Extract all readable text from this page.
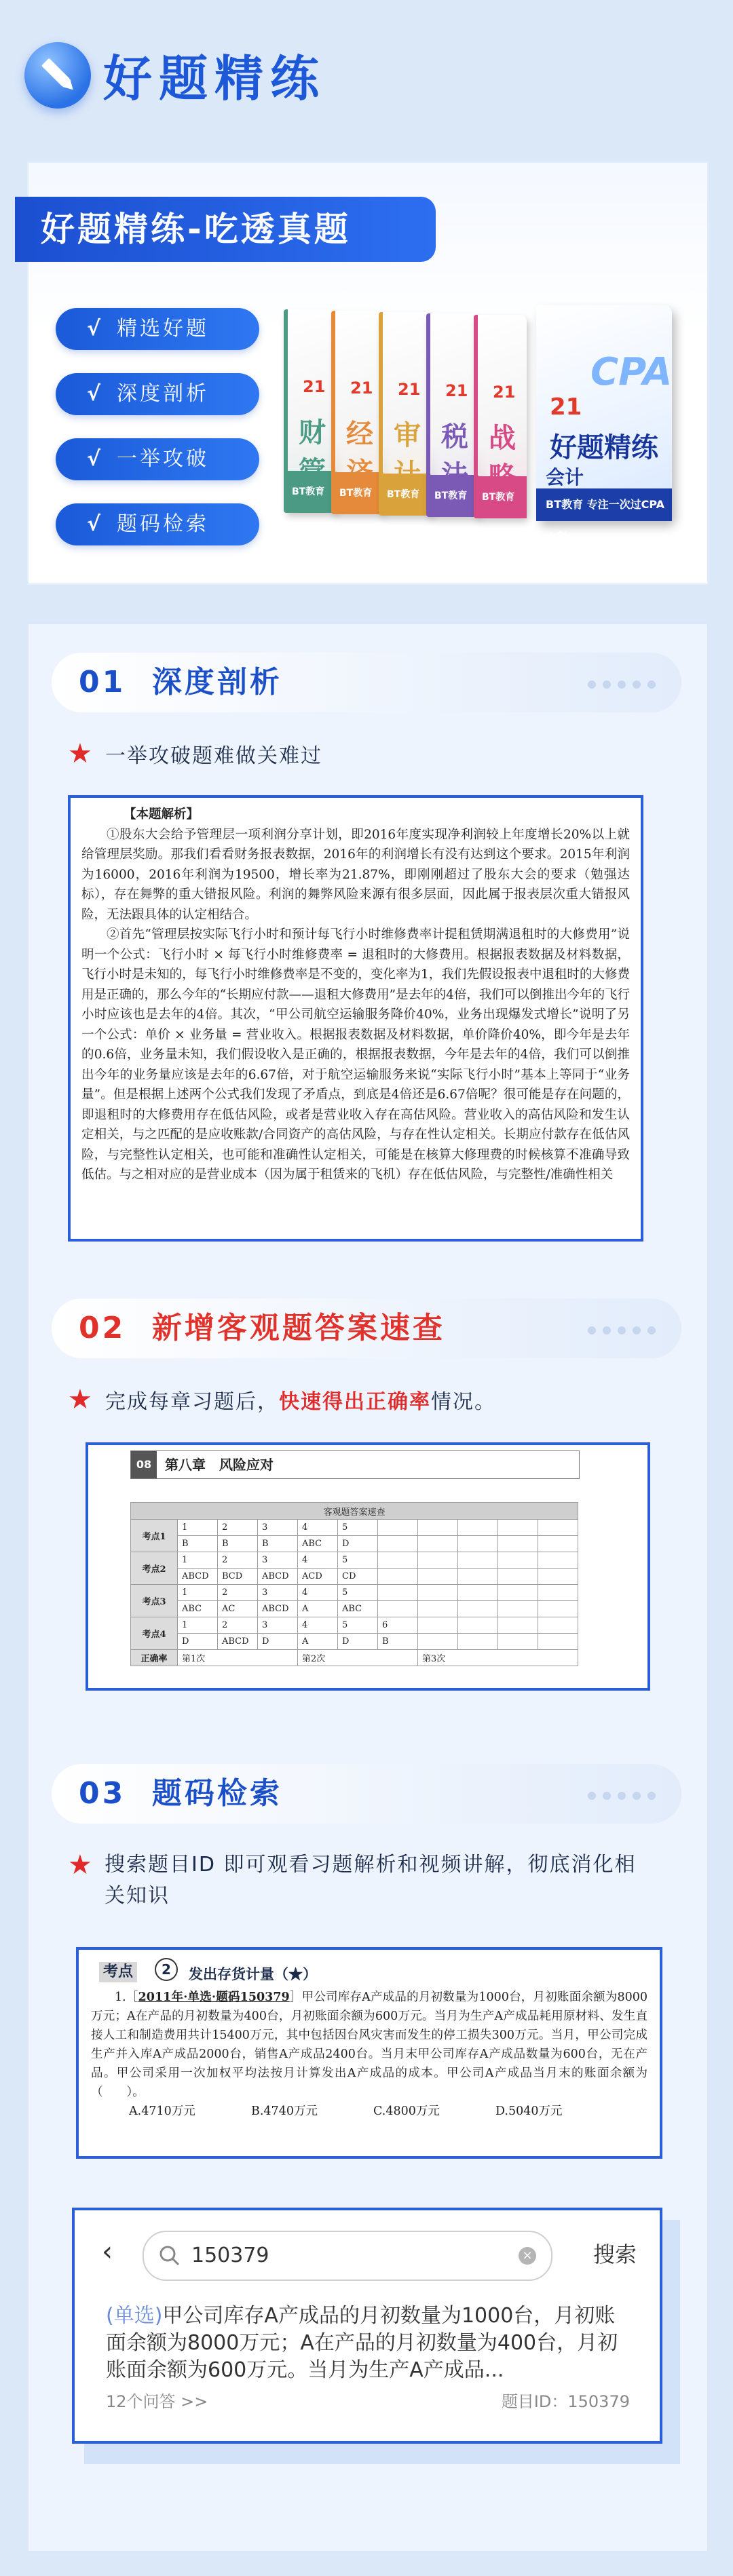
好题精练
好题精练-吃透真题
√ 精选好题
√ 深度剖析
√ 一举攻破
√ 题码检索
21
财
BT教育
21
经
BT教育
21
审
BT教育
21
税
BT教育
21
战
BT教育
CPA
21
好题精练
会计
BT教育 专注一次过CPA六科
01 深度剖析
★ 一举攻破题难做关难过

【本题解析】

①股东大会给予管理层一项利润分享计划，即2016年度实现净利润较上年度增长20%以上就给管理层奖励。那我们看看财务报表数据，2016年的利润增长有没有达到这个要求。2015年利润为16000，2016年利润为19500，增长率为21.87%，即刚刚超过了股东大会的要求（勉强达标），存在舞弊的重大错报风险。利润的舞弊风险来源有很多层面，因此属于报表层次重大错报风险，无法跟具体的认定相结合。

②首先“管理层按实际飞行小时和预计每飞行小时维修费率计提租赁期满退租时的大修费用”说明一个公式：飞行小时 × 每飞行小时维修费率 = 退租时的大修费用。根据报表数据及材料数据，飞行小时是未知的，每飞行小时维修费率是不变的，变化率为1，我们先假设报表中退租时的大修费用是正确的，那么今年的“长期应付款——退租大修费用”是去年的4倍，我们可以倒推出今年的飞行小时应该也是去年的4倍。其次，“甲公司航空运输服务降价40%，业务出现爆发式增长”说明了另一个公式：单价 × 业务量 = 营业收入。根据报表数据及材料数据，单价降价40%，即今年是去年的0.6倍，业务量未知，我们假设收入是正确的，根据报表数据，今年是去年的4倍，我们可以倒推出今年的业务量应该是去年的6.67倍，对于航空运输服务来说“实际飞行小时”基本上等同于“业务量”。但是根据上述两个公式我们发现了矛盾点，到底是4倍还是6.67倍呢？很可能是存在问题的，即退租时的大修费用存在低估风险，或者是营业收入存在高估风险。营业收入的高估风险和发生认定相关，与之匹配的是应收账款/合同资产的高估风险，与存在性认定相关。长期应付款存在低估风险，与完整性认定相关，也可能和准确性认定相关，可能是在核算大修理费的时候核算不准确导致低估。与之相对应的是营业成本（因为属于租赁来的飞机）存在低估风险，与完整性/准确性相关

02 新增客观题答案速查
★ 完成每章习题后，快速得出正确率情况。
08 第八章　风险应对
客观题答案速查										
考点1	1	2	3	4	5					
	B	B	B	ABC	D					
考点2	1	2	3	4	5					
	ABCD	BCD	ABCD	ACD	CD					
考点3	1	2	3	4	5					
	ABC	AC	ABCD	A	ABC					
考点4	1	2	3	4	5	6				
	D	ABCD	D	A	D	B				
正确率	第1次			第2次			第3次			
03 题码检索
★ 搜索题目ID 即可观看习题解析和视频讲解，彻底消化相关知识
考点	2	发出存货计量（★）
1.［2011年·单选·题码150379］甲公司库存A产成品的月初数量为1000台，月初账面余额为8000万元；A在产品的月初数量为400台，月初账面余额为600万元。当月为生产A产成品耗用原材料、发生直接人工和制造费用共计15400万元，其中包括因台风灾害而发生的停工损失300万元。当月，甲公司完成生产并入库A产成品2000台，销售A产成品2400台。当月末甲公司库存A产成品数量为600台，无在产品。甲公司采用一次加权平均法按月计算发出A产成品的成本。甲公司A产成品当月末的账面余额为（　　）。
A.4710万元	B.4740万元	C.4800万元	D.5040万元
‹	150379	×	搜索
(单选)甲公司库存A产成品的月初数量为1000台，月初账面余额为8000万元；A在产品的月初数量为400台，月初账面余额为600万元。当月为生产A产成品...
12个问答 >>	题目ID：150379
